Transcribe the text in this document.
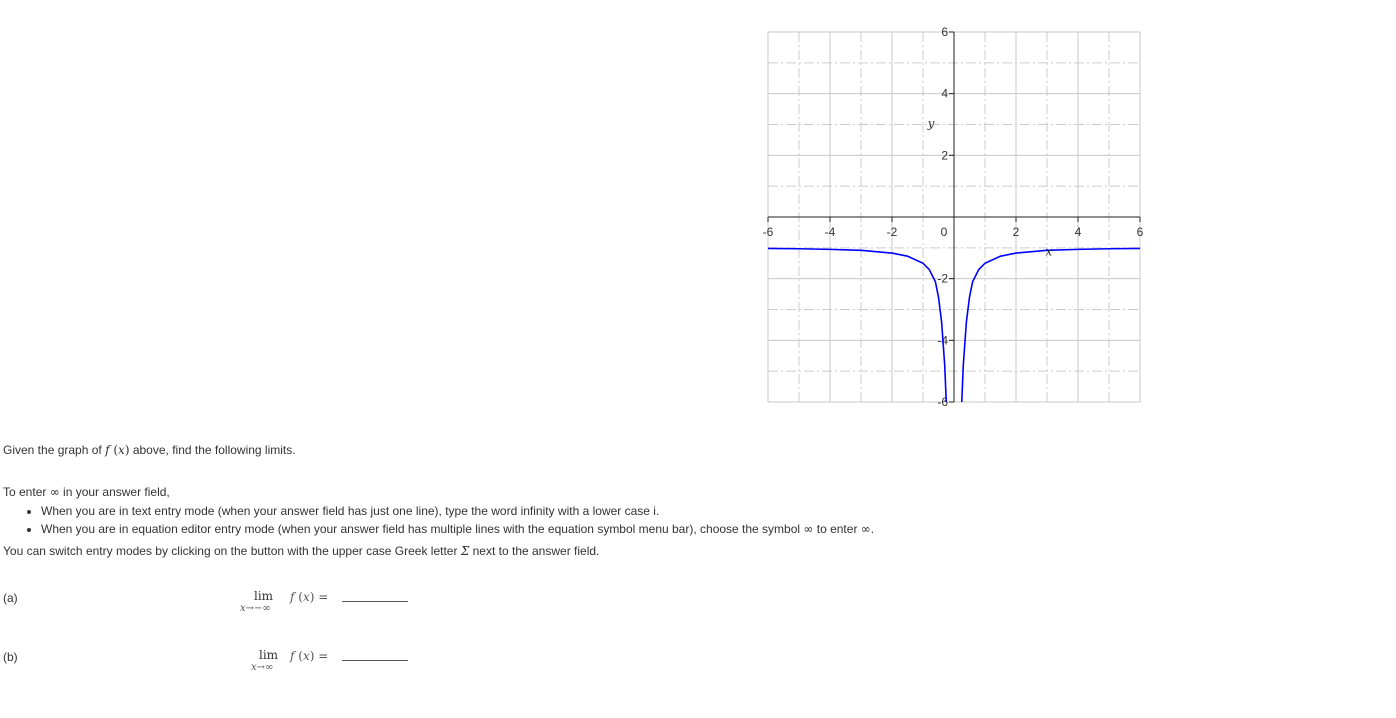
-6	-4	-2	0	2	4	6
6
4
2
-2
-4
-6
y
x

Given the graph of f (x) above, find the following limits.

To enter ∞ in your answer field,

• When you are in text entry mode (when your answer field has just one line), type the word infinity with a lower case i.
• When you are in equation editor entry mode (when your answer field has multiple lines with the equation symbol menu bar), choose the symbol ∞ to enter ∞.

You can switch entry modes by clicking on the button with the upper case Greek letter Σ next to the answer field.

(a)	lim
x→−∞
f (x) =
(b)	lim
x→∞
f (x) =
